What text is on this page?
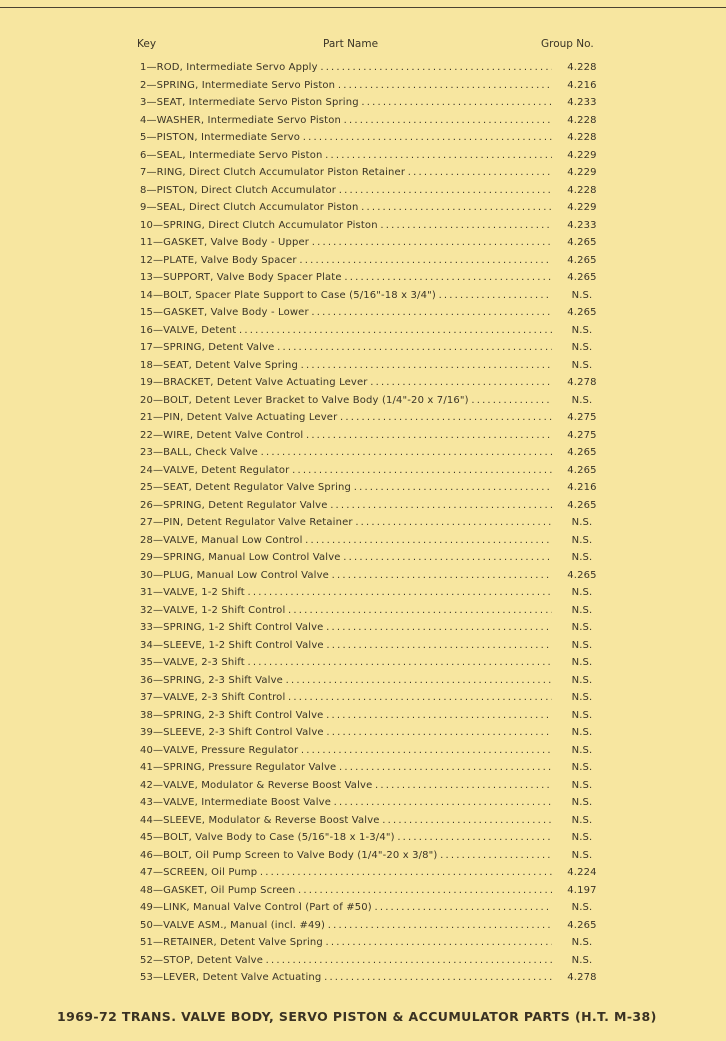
Key	Part Name	Group No.
1—ROD, Intermediate Servo Apply . . .	4.228
2—SPRING, Intermediate Servo Piston . . .	4.216
3—SEAT, Intermediate Servo Piston Spring . . .	4.233
4—WASHER, Intermediate Servo Piston . . .	4.228
5—PISTON, Intermediate Servo . . .	4.228
6—SEAL, Intermediate Servo Piston . . .	4.229
7—RING, Direct Clutch Accumulator Piston Retainer . . .	4.229
8—PISTON, Direct Clutch Accumulator . . .	4.228
9—SEAL, Direct Clutch Accumulator Piston . . .	4.229
10—SPRING, Direct Clutch Accumulator Piston . . .	4.233
11—GASKET, Valve Body - Upper . . .	4.265
12—PLATE, Valve Body Spacer . . .	4.265
13—SUPPORT, Valve Body Spacer Plate . . .	4.265
14—BOLT, Spacer Plate Support to Case (5/16"-18 x 3/4") . . .	N.S.
15—GASKET, Valve Body - Lower . . .	4.265
16—VALVE, Detent . . .	N.S.
17—SPRING, Detent Valve . . .	N.S.
18—SEAT, Detent Valve Spring . . .	N.S.
19—BRACKET, Detent Valve Actuating Lever . . .	4.278
20—BOLT, Detent Lever Bracket to Valve Body (1/4"-20 x 7/16") . . .	N.S.
21—PIN, Detent Valve Actuating Lever . . .	4.275
22—WIRE, Detent Valve Control . . .	4.275
23—BALL, Check Valve . . .	4.265
24—VALVE, Detent Regulator . . .	4.265
25—SEAT, Detent Regulator Valve Spring . . .	4.216
26—SPRING, Detent Regulator Valve . . .	4.265
27—PIN, Detent Regulator Valve Retainer . . .	N.S.
28—VALVE, Manual Low Control . . .	N.S.
29—SPRING, Manual Low Control Valve . . .	N.S.
30—PLUG, Manual Low Control Valve . . .	4.265
31—VALVE, 1-2 Shift . . .	N.S.
32—VALVE, 1-2 Shift Control . . .	N.S.
33—SPRING, 1-2 Shift Control Valve . . .	N.S.
34—SLEEVE, 1-2 Shift Control Valve . . .	N.S.
35—VALVE, 2-3 Shift . . .	N.S.
36—SPRING, 2-3 Shift Valve . . .	N.S.
37—VALVE, 2-3 Shift Control . . .	N.S.
38—SPRING, 2-3 Shift Control Valve . . .	N.S.
39—SLEEVE, 2-3 Shift Control Valve . . .	N.S.
40—VALVE, Pressure Regulator . . .	N.S.
41—SPRING, Pressure Regulator Valve . . .	N.S.
42—VALVE, Modulator & Reverse Boost Valve . . .	N.S.
43—VALVE, Intermediate Boost Valve . . .	N.S.
44—SLEEVE, Modulator & Reverse Boost Valve . . .	N.S.
45—BOLT, Valve Body to Case (5/16"-18 x 1-3/4") . . .	N.S.
46—BOLT, Oil Pump Screen to Valve Body (1/4"-20 x 3/8") . . .	N.S.
47—SCREEN, Oil Pump . . .	4.224
48—GASKET, Oil Pump Screen . . .	4.197
49—LINK, Manual Valve Control (Part of #50) . . .	N.S.
50—VALVE ASM., Manual (incl. #49) . . .	4.265
51—RETAINER, Detent Valve Spring . . .	N.S.
52—STOP, Detent Valve . . .	N.S.
53—LEVER, Detent Valve Actuating . . .	4.278
1969-72 TRANS. VALVE BODY, SERVO PISTON & ACCUMULATOR PARTS (H.T. M-38)
